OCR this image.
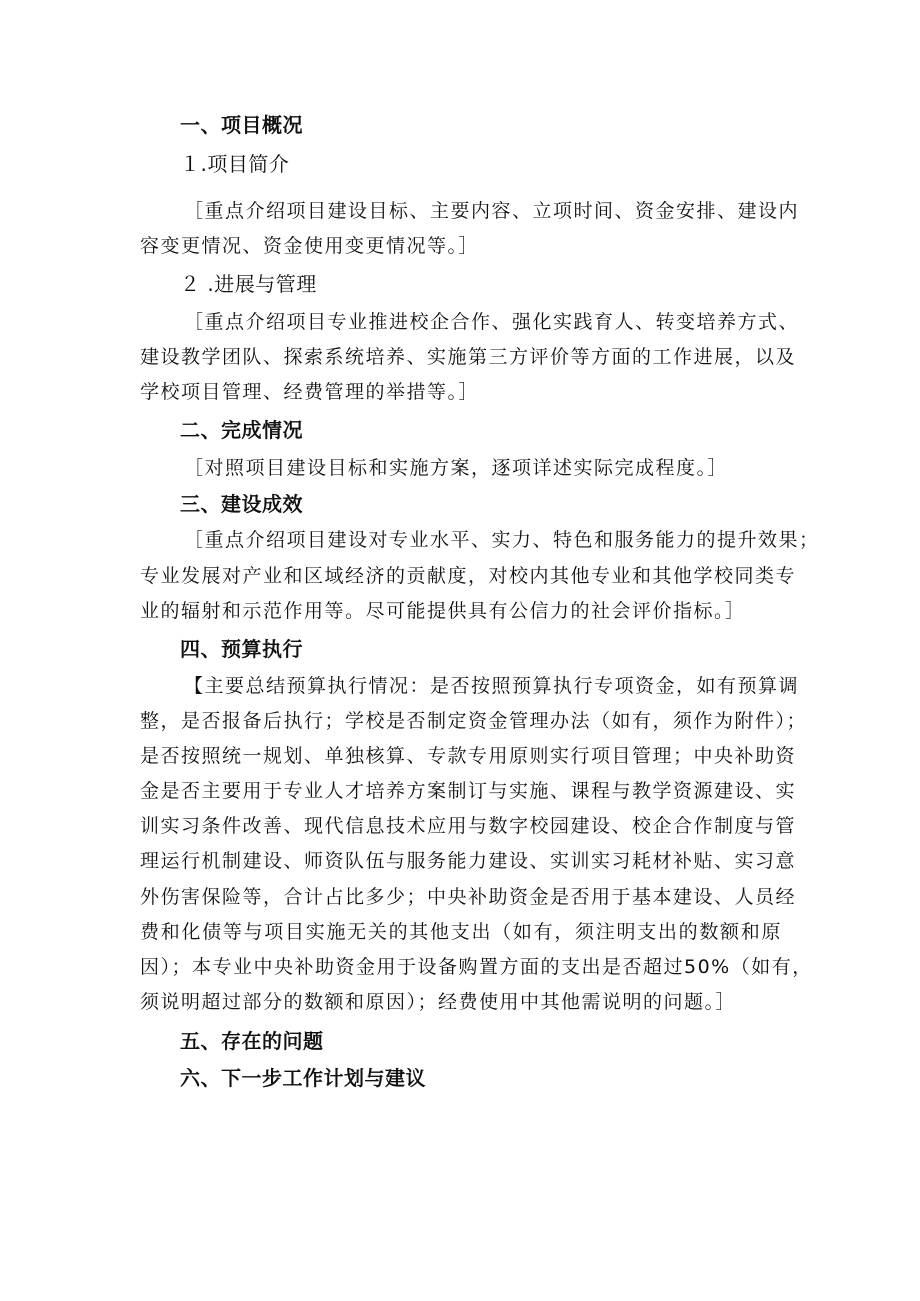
一、项目概况
１.项目简介
［重点介绍项目建设目标、主要内容、立项时间、资金安排、建设内
容变更情况、资金使用变更情况等。］
２ .进展与管理
［重点介绍项目专业推进校企合作、强化实践育人、转变培养方式、
建设教学团队、探索系统培养、实施第三方评价等方面的工作进展，以及
学校项目管理、经费管理的举措等。］
二、完成情况
［对照项目建设目标和实施方案，逐项详述实际完成程度。］
三、建设成效
［重点介绍项目建设对专业水平、实力、特色和服务能力的提升效果；
专业发展对产业和区域经济的贡献度，对校内其他专业和其他学校同类专
业的辐射和示范作用等。尽可能提供具有公信力的社会评价指标。］
四、预算执行
【主要总结预算执行情况：是否按照预算执行专项资金，如有预算调
整，是否报备后执行；学校是否制定资金管理办法（如有，须作为附件）；
是否按照统一规划、单独核算、专款专用原则实行项目管理；中央补助资
金是否主要用于专业人才培养方案制订与实施、课程与教学资源建设、实
训实习条件改善、现代信息技术应用与数字校园建设、校企合作制度与管
理运行机制建设、师资队伍与服务能力建设、实训实习耗材补贴、实习意
外伤害保险等，合计占比多少；中央补助资金是否用于基本建设、人员经
费和化债等与项目实施无关的其他支出（如有，须注明支出的数额和原
因）；本专业中央补助资金用于设备购置方面的支出是否超过50%（如有，
须说明超过部分的数额和原因）；经费使用中其他需说明的问题。］
五、存在的问题
六、下一步工作计划与建议
